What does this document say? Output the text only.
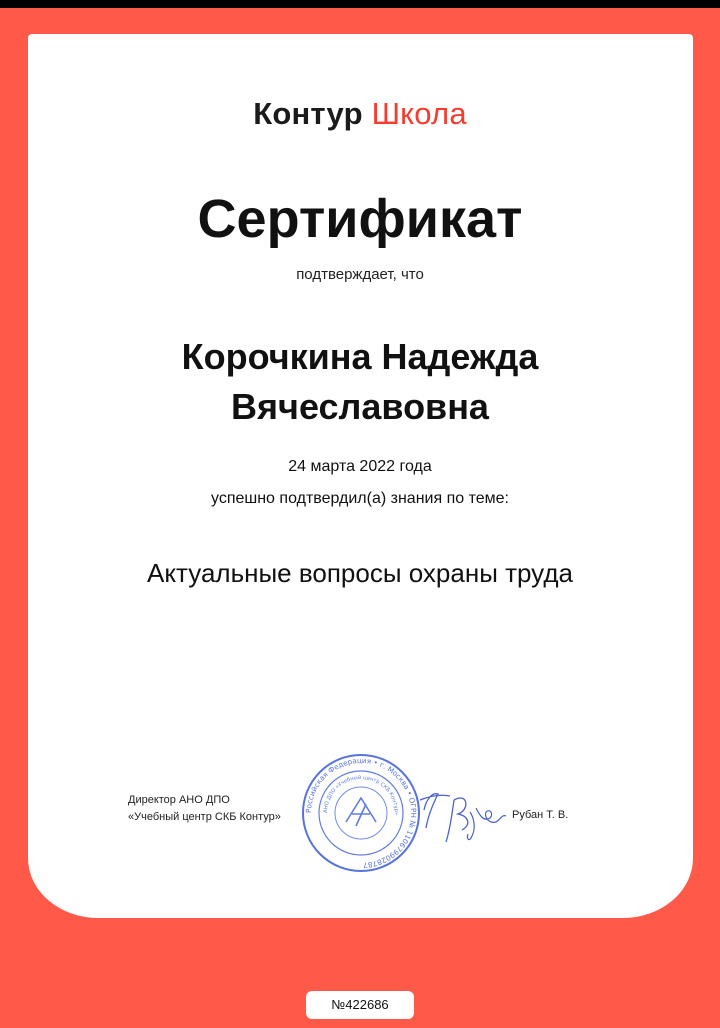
Контур Школа
Сертификат
подтверждает, что
Корочкина Надежда
Вячеславовна
24 марта 2022 года
успешно подтвердил(а) знания по теме:
Актуальные вопросы охраны труда
Директор АНО ДПО
«Учебный центр СКБ Контур»
Российская Федерация • г. Москва • ОГРН № 1106799028787
АНО ДПО «Учебный центр СКБ Контур»	Рубан Т. В.
№422686
